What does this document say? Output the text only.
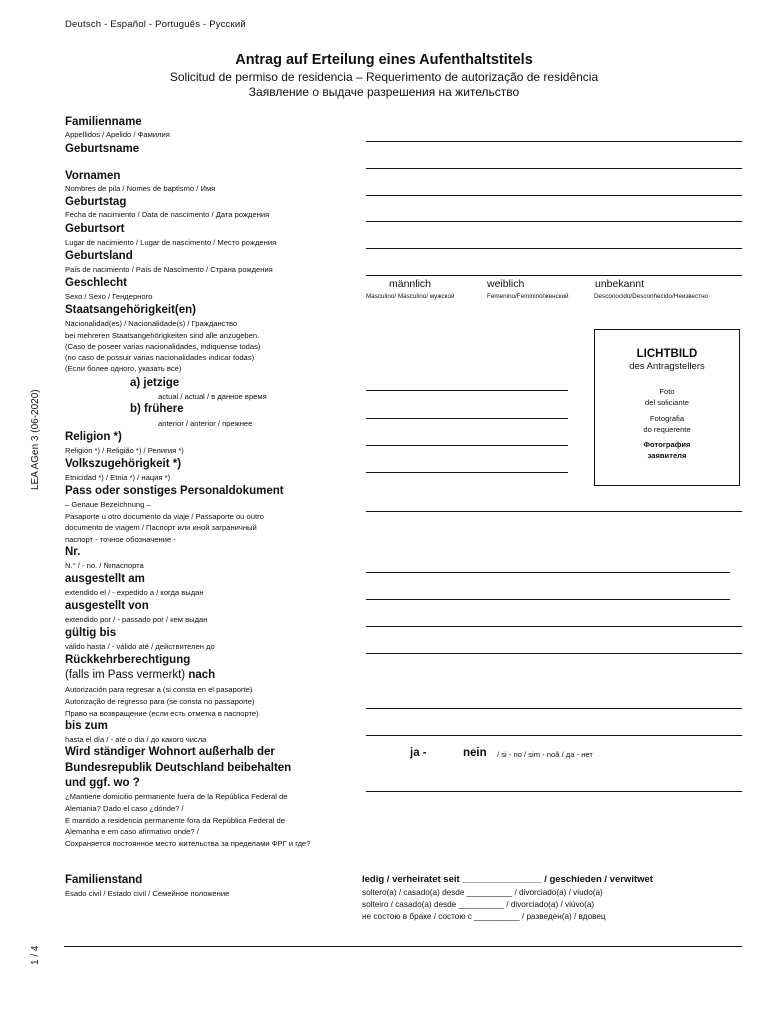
Deutsch - Español - Português - Русский
Antrag auf Erteilung eines Aufenthaltstitels
Solicitud de permiso de residencia – Requerimento de autorização de residência
Заявление о выдаче разрешения на жительство
LEA AGen 3 (06-2020)
1 / 4
Familienname
Appellidos / Apelido / Фамилия
Geburtsname
Vornamen
Nombres de pila / Nomes de baptismo / Имя
Geburtstag
Fecha de nacimiento / Data de nascimento / Дата рождения
Geburtsort
Lugar de nacimiento / Lugar de nascimento / Место рождения
Geburtsland
País de nacimiento / País de Nascimento / Страна рождения
Geschlecht
Sexo / Sexo / Гендерного
männlich	weiblich	unbekannt
Masculino/ Masculino/ мужской	Femenino/Feminino/женский	Desconocido/Desconhecido/Неизвестно
Staatsangehörigkeit(en)
Nacionalidad(es) / Nacionalidade(s) / Гражданство
bei mehreren Staatsangehörigkeiten sind alle anzugeben.
(Caso de poseer varias nacionalidades, indiquense todas)
(no caso de possuir varias nacionalidades indicar todas)
(Если более одного, указать все)
a) jetzige
actual / actual / в данное время
b) frühere
anterior / anterior / прежнее
LICHTBILD
des Antragstellers
Foto
del soliciante
Fotografia
do requerente
Фотография
заявителя
Religion *)
Religión *) / Religião *) / Религия *)
Volkszugehörigkeit *)
Etnicidad *) / Etnia *) / нация *)
Pass oder sonstiges Personaldokument
– Genaue Bezeichnung –
Pasaporte u otro documento da viaje / Passaporte ou outro
documento de viagem / Паспорт или иной заграничный
паспорт - точное обозначение -
Nr.
N.° / - no. / №паспорта
ausgestellt am
extendido el / - expedido a / когда выдан
ausgestellt von
extendido por / - passado por / кем выдан
gültig bis
válido hasta / - válido até / действителен до
Rückkehrberechtigung
(falls im Pass vermerkt) nach
Autorización para regresar a (si consta en el pasaporte)
Autorização de regresso para (se consta no passaporte)
Право на возвращение (если есть отметка в паспорте)
bis zum
hasta el día / - até o dia / до какого числа
Wird ständiger Wohnort außerhalb der
Bundesrepublik Deutschland beibehalten
und ggf. wo ?
ja -	nein / si - no / sim - noã / да - нет
¿Mantiene domicilio permanente fuera de la República Federal de
Alemania? Dado el caso ¿dónde? /
E mantido a residencia permanente fora da República Federal de
Alemanha e em caso afirmativo onde? /
Сохраняется постоянное место жительства за пределами ФРГ и где?
Familienstand
Esado civil / Estado civil / Семейное положение
ledig / verheiratet seit _______________ / geschieden / verwitwet
soltero(a) / casado(a) desde __________ / divorciado(a) / viudo(a)
solteiro / casado(a) desde __________ / divorciado(a) / viúvo(a)
не состою в браке / состою с __________ / разведен(а) / вдовец
